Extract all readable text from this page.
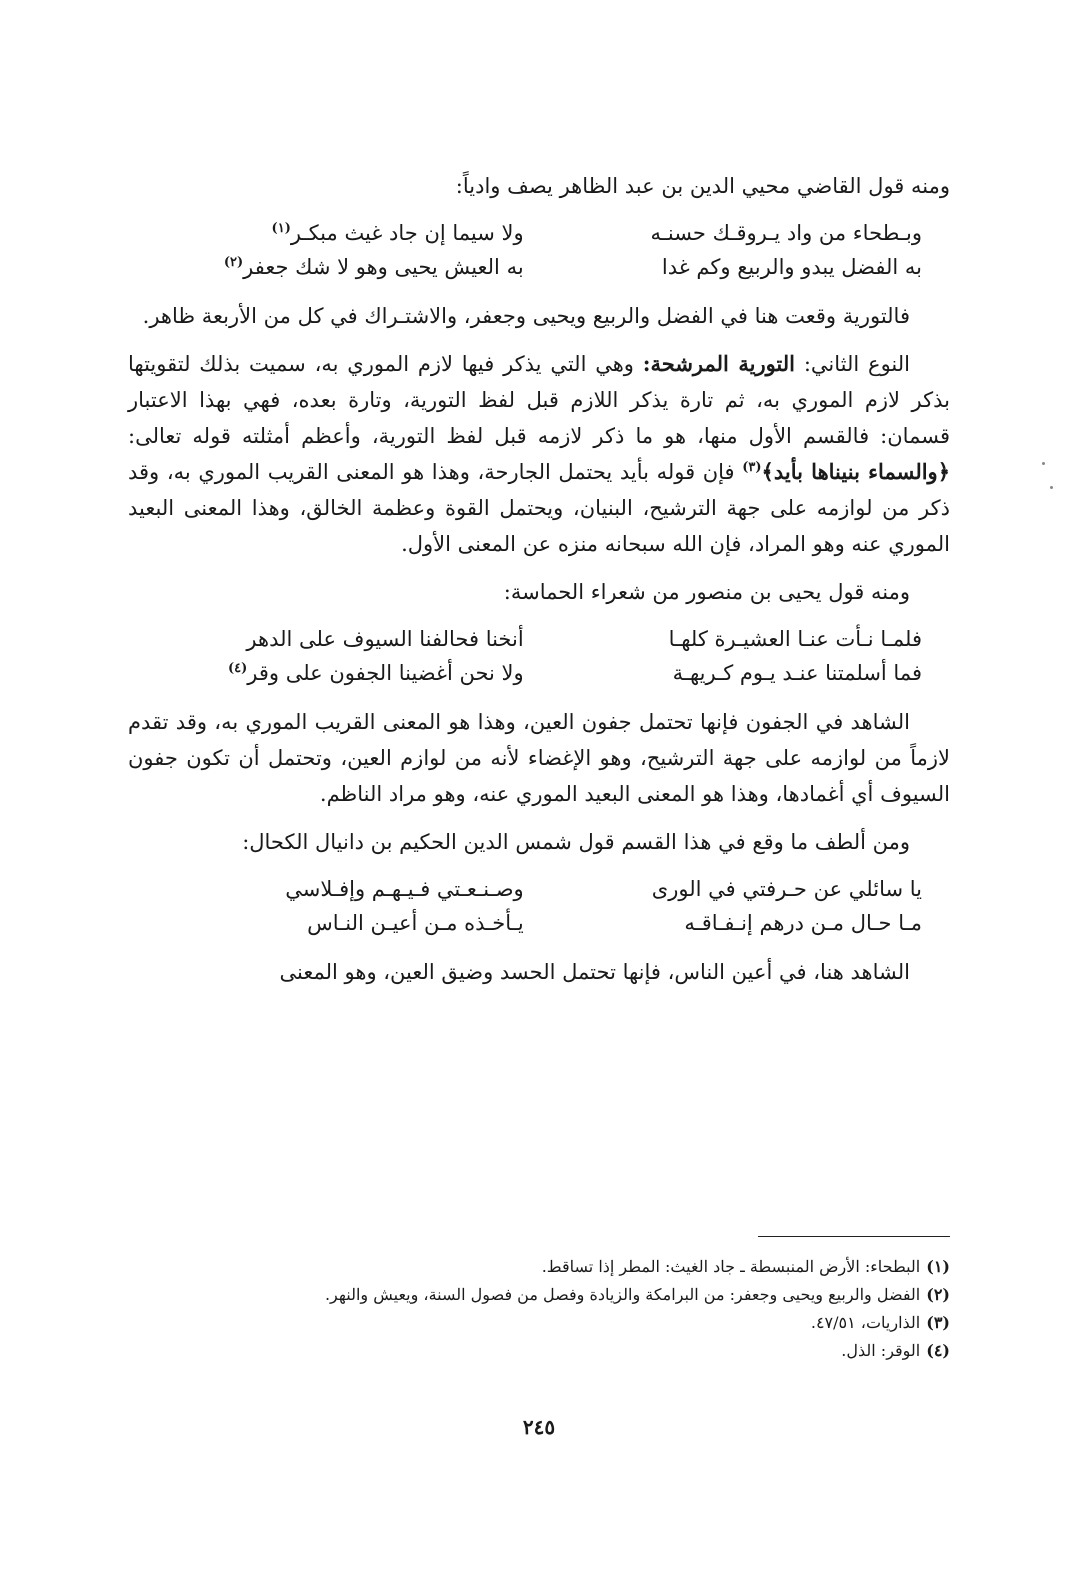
ومنه قول القاضي محيي الدين بن عبد الظاهر يصف وادياً:

وبـطحاء من واد يـروقـك حسنـه
ولا سيما إن جاد غيث مبكـر$^{(١)}$
به الفضل يبدو والربيع وكم غدا
به العيش يحيى وهو لا شك جعفر$^{(٢)}$

فالتورية وقعت هنا في الفضل والربيع ويحيى وجعفر، والاشتـراك في كل من الأربعة ظاهر.

النوع الثاني: التورية المرشحة: وهي التي يذكر فيها لازم الموري به، سميت بذلك لتقويتها بذكر لازم الموري به، ثم تارة يذكر اللازم قبل لفظ التورية، وتارة بعده، فهي بهذا الاعتبار قسمان: فالقسم الأول منها، هو ما ذكر لازمه قبل لفظ التورية، وأعظم أمثلته قوله تعالى: ﴿والسماء بنيناها بأيد﴾$^{(٣)}$ فإن قوله بأيد يحتمل الجارحة، وهذا هو المعنى القريب الموري به، وقد ذكر من لوازمه على جهة الترشيح، البنيان، ويحتمل القوة وعظمة الخالق، وهذا المعنى البعيد الموري عنه وهو المراد، فإن الله سبحانه منزه عن المعنى الأول.

ومنه قول يحيى بن منصور من شعراء الحماسة:

فلمـا نـأت عنـا العشيـرة كلهـا
أنخنا فحالفنا السيوف على الدهر
فما أسلمتنا عنـد يـوم كـريهـة
ولا نحن أغضينا الجفون على وقر$^{(٤)}$

الشاهد في الجفون فإنها تحتمل جفون العين، وهذا هو المعنى القريب الموري به، وقد تقدم لازماً من لوازمه على جهة الترشيح، وهو الإغضاء لأنه من لوازم العين، وتحتمل أن تكون جفون السيوف أي أغمادها، وهذا هو المعنى البعيد الموري عنه، وهو مراد الناظم.

ومن ألطف ما وقع في هذا القسم قول شمس الدين الحكيم بن دانيال الكحال:

يا سائلي عن حـرفتي في الورى
وصـنـعـتي فـيـهـم وإفـلاسي
مـا حـال مـن درهم إنـفـاقـه
يـأخـذه مـن أعيـن النـاس

الشاهد هنا، في أعين الناس، فإنها تحتمل الحسد وضيق العين، وهو المعنى

(١)البطحاء: الأرض المنبسطة ـ جاد الغيث: المطر إذا تساقط.

(٢)الفضل والربيع ويحيى وجعفر: من البرامكة والزيادة وفصل من فصول السنة، ويعيش والنهر.

(٣)الذاريات، ٤٧/٥١.

(٤)الوقر: الذل.

٢٤٥
